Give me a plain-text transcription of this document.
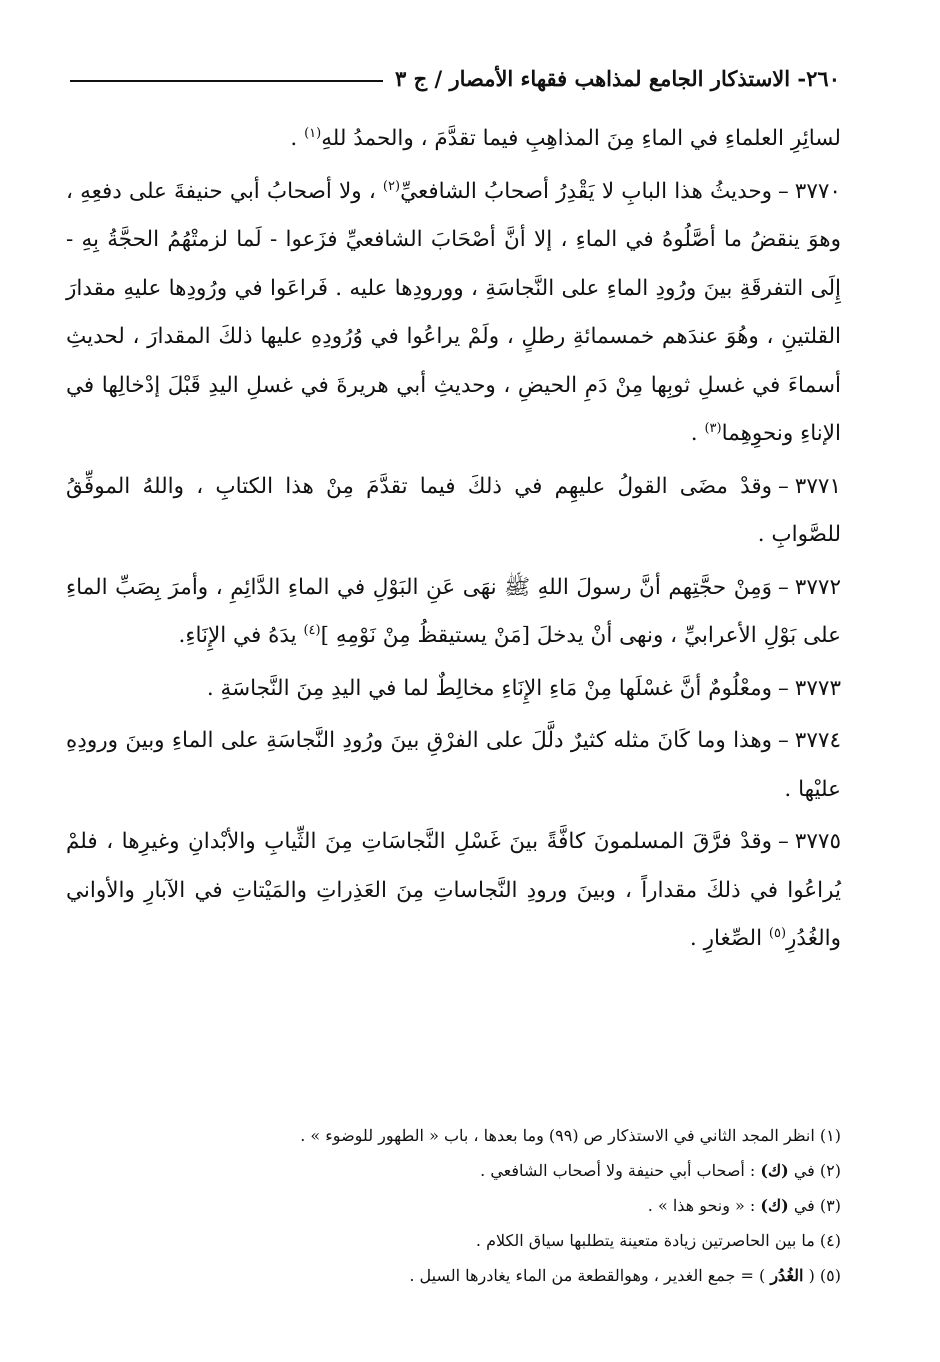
٢٦٠- الاستذكار الجامع لمذاهب فقهاء الأمصار / ج ٣

لسائِرِ العلماءِ في الماءِ مِنَ المذاهِبِ فيما تقدَّمَ ، والحمدُ للهِ$^{(١)}$ .

٣٧٧٠–وحديثُ هذا البابِ لا يَقْدِرُ أصحابُ الشافعيِّ$^{(٢)}$ ، ولا أصحابُ أبي حنيفةَ على دفعِهِ ، وهوَ ينقضُ ما أصَّلُوهُ في الماءِ ، إلا أنَّ أصْحَابَ الشافعيِّ فزَعوا - لَما لزمتْهُمُ الحجَّةُ بِهِ - إِلَى التفرقَةِ بينَ ورُودِ الماءِ على النَّجاسَةِ ، وورودِها عليه . فَراعَوا في ورُودِها عليهِ مقدارَ القلتينِ ، وهُوَ عندَهم خمسمائةِ رطلٍ ، ولَمْ يراعُوا في وُرُودِهِ عليها ذلكَ المقدارَ ، لحديثِ أسماءَ في غسلِ ثوبِها مِنْ دَمِ الحيضِ ، وحديثِ أبي هريرةَ في غسلِ اليدِ قَبْلَ إدْخالِها في الإناءِ ونحوِهِما$^{(٣)}$ .

٣٧٧١–وقدْ مضَى القولُ عليهِم في ذلكَ فيما تقدَّمَ مِنْ هذا الكتابِ ، واللهُ الموفِّقُ للصَّوابِ .

٣٧٧٢–وَمِنْ حجَّتِهم أنَّ رسولَ اللهِ ﷺ نهَى عَنِ البَوْلِ في الماءِ الدَّائِمِ ، وأمرَ بِصَبِّ الماءِ على بَوْلِ الأعرابيِّ ، ونهى أنْ يدخلَ [مَنْ يستيقظُ مِنْ نَوْمِهِ ]$^{(٤)}$ يدَهُ في الإِنَاءِ.

٣٧٧٣–ومعْلُومٌ أنَّ غسْلَها مِنْ مَاءِ الإِنَاءِ مخالِطٌ لما في اليدِ مِنَ النَّجاسَةِ .

٣٧٧٤–وهذا وما كَانَ مثله كثيرٌ دلَّلَ على الفرْقِ بينَ ورُودِ النَّجاسَةِ على الماءِ وبينَ ورودِهِ عليْها .

٣٧٧٥–وقدْ فرَّقَ المسلمونَ كافَّةً بينَ غَسْلِ النَّجاسَاتِ مِنَ الثِّيابِ والأبْدانِ وغيرِها ، فلمْ يُراعُوا في ذلكَ مقداراً ، وبينَ ورودِ النَّجاساتِ مِنَ العَذِراتِ والمَيْتاتِ في الآبارِ والأواني والغُدُرِ$^{(٥)}$ الصِّغارِ .

(١) انظر المجد الثاني في الاستذكار ص (٩٩) وما بعدها ، باب « الطهور للوضوء » .
(٢) في (ك) : أصحاب أبي حنيفة ولا أصحاب الشافعي .
(٣) في (ك) : « ونحو هذا » .
(٤) ما بين الحاصرتين زيادة متعينة يتطلبها سياق الكلام .
(٥) ( الغُدُر ) = جمع الغدير ، وهوالقطعة من الماء يغادرها السيل .
